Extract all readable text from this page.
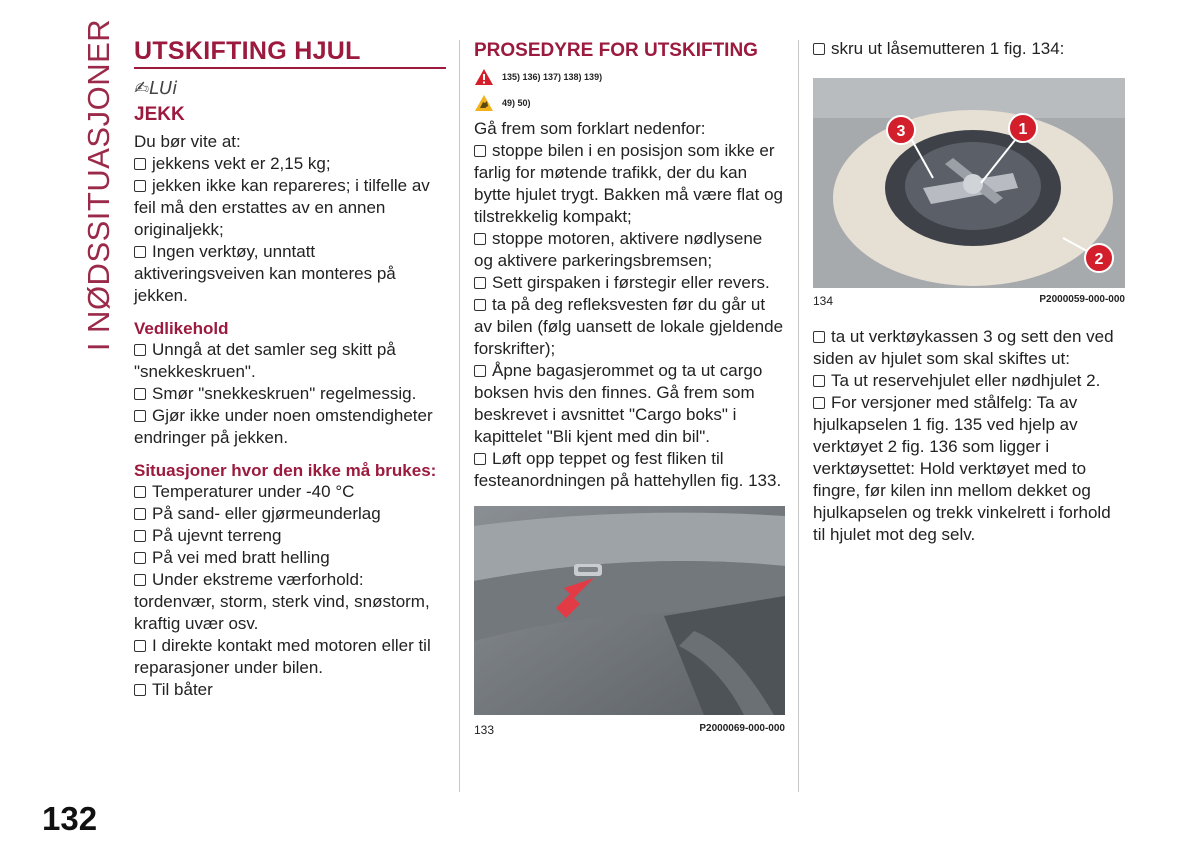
I NØDSSITUASJONER UTSKIFTING HJUL
✍LUi
JEKK
Du bør vite at:
jekkens vekt er 2,15 kg;
jekken ikke kan repareres; i tilfelle av feil må den erstattes av en annen originaljekk;
Ingen verktøy, unntatt aktiveringsveiven kan monteres på jekken.
Vedlikehold
Unngå at det samler seg skitt på "snekkeskruen".
Smør "snekkeskruen" regelmessig.
Gjør ikke under noen omstendigheter endringer på jekken.
Situasjoner hvor den ikke må brukes:
Temperaturer under -40 °C
På sand- eller gjørmeunderlag
På ujevnt terreng
På vei med bratt helling
Under ekstreme værforhold: tordenvær, storm, sterk vind, snøstorm, kraftig uvær osv.
I direkte kontakt med motoren eller til reparasjoner under bilen.
Til båter
PROSEDYRE FOR UTSKIFTING
135) 136) 137) 138) 139)
49) 50)
Gå frem som forklart nedenfor:
stoppe bilen i en posisjon som ikke er farlig for møtende trafikk, der du kan bytte hjulet trygt. Bakken må være flat og tilstrekkelig kompakt;
stoppe motoren, aktivere nødlysene og aktivere parkeringsbremsen;
Sett girspaken i førstegir eller revers.
ta på deg refleksvesten før du går ut av bilen (følg uansett de lokale gjeldende forskrifter);
Åpne bagasjerommet og ta ut cargo boksen hvis den finnes. Gå frem som beskrevet i avsnittet "Cargo boks" i kapittelet "Bli kjent med din bil".
Løft opp teppet og fest fliken til festeanordningen på hattehyllen fig. 133.
133	P2000069-000-000
skru ut låsemutteren 1 fig. 134:
1
2
3
134	P2000059-000-000
ta ut verktøykassen 3 og sett den ved siden av hjulet som skal skiftes ut:
Ta ut reservehjulet eller nødhjulet 2.
For versjoner med stålfelg: Ta av hjulkapselen 1 fig. 135 ved hjelp av verktøyet 2 fig. 136 som ligger i verktøysettet: Hold verktøyet med to fingre, før kilen inn mellom dekket og hjulkapselen og trekk vinkelrett i forhold til hjulet mot deg selv.
132
